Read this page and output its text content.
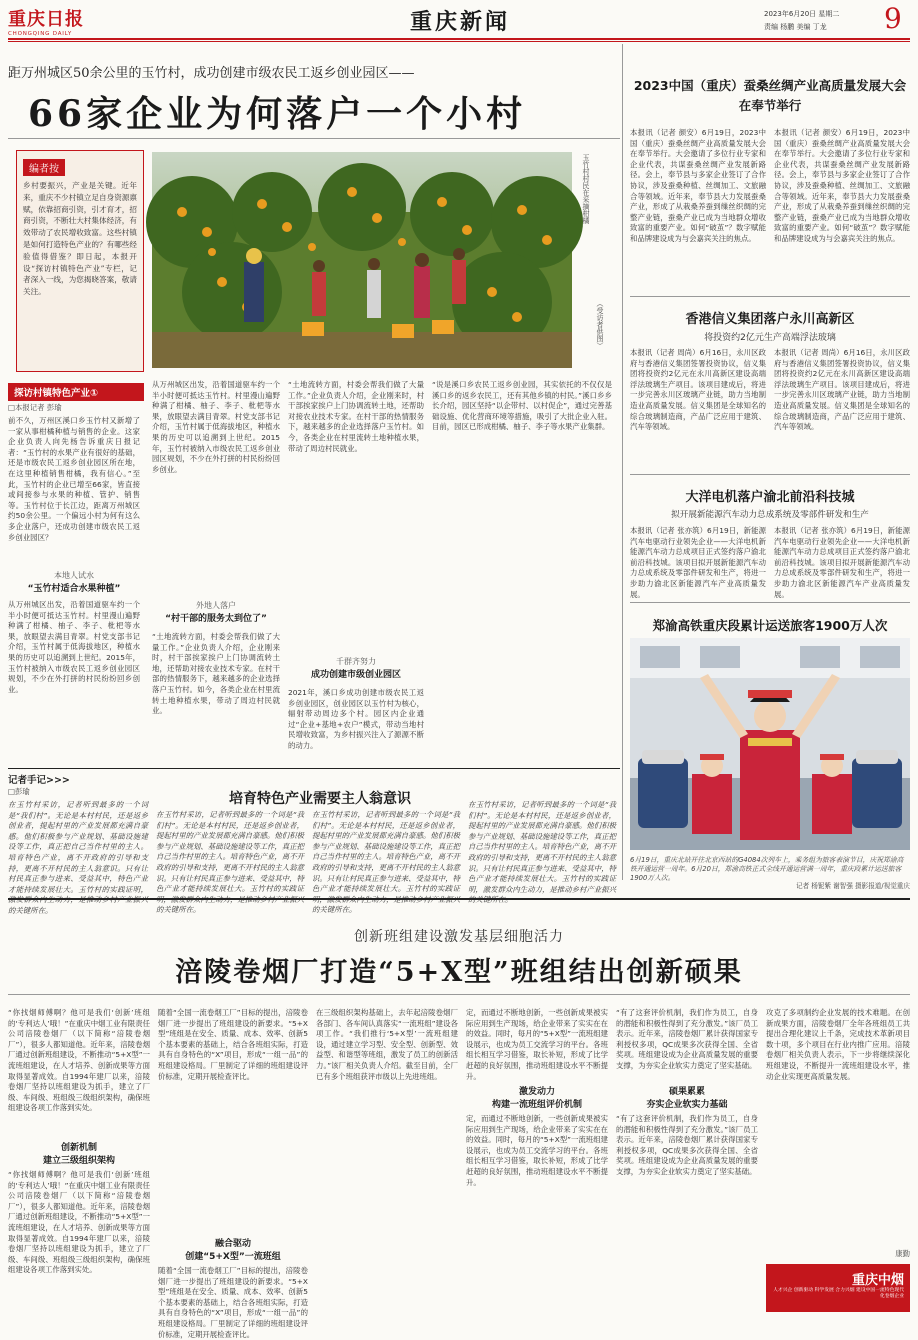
重庆日报
CHONGQING DAILY	重庆新闻	2023年6月20日 星期二
责编 杨鹏 美编 丁龙	9
距万州城区50余公里的玉竹村，成功创建市级农民工返乡创业园区——
66家企业为何落户一个小村
编者按
乡村要振兴，产业是关键。近年来，重庆不少村镇立足自身资源禀赋，依靠招商引资，引才育才，招商引资，不断壮大村集体经济，有效带动了农民增收致富。这些村镇是如何打造特色产业的？有哪些经验值得借鉴？即日起，本报开设“探访村镇特色产业”专栏，记者深入一线，为您揭晓答案，敬请关注。
玉竹村村民在采摘柑橘
（受访者供图）
探访村镇特色产业①
□本报记者 彭瑜
前不久，万州区溪口乡玉竹村又新增了一家从事柑橘种植与销售的企业。这家企业负责人向先杨告诉重庆日报记者：“玉竹村的水果产业有很好的基础，还是市级农民工返乡创业园区所在地，在这里种植销售柑橘，我有信心。”至此，玉竹村的企业已增至66家，皆直接或间接参与水果的种植、管护、销售等。玉竹村位于长江边，距离万州城区约50余公里。一个偏远小村为何有这么多企业落户，还成功创建市级农民工返乡创业园区？
本地人试水
“玉竹村适合水果种植”
从万州城区出发，沿着国道驱车约一个半小时便可抵达玉竹村。村里漫山遍野种满了柑橘、柚子、李子、枇杷等水果，放眼望去满目青翠。村党支部书记介绍，玉竹村属于低海拔地区，种植水果的历史可以追溯到上世纪。2015年，玉竹村被纳入市级农民工返乡创业园区规划，不少在外打拼的村民纷纷回乡创业。
从万州城区出发，沿着国道驱车约一个半小时便可抵达玉竹村。村里漫山遍野种满了柑橘、柚子、李子、枇杷等水果，放眼望去满目青翠。村党支部书记介绍，玉竹村属于低海拔地区，种植水果的历史可以追溯到上世纪。2015年，玉竹村被纳入市级农民工返乡创业园区规划，不少在外打拼的村民纷纷回乡创业。
外地人落户
“村干部的服务太到位了”
“土地流转方面，村委会帮我们做了大量工作。”企业负责人介绍，企业刚来时，村干部挨家挨户上门协调流转土地，还帮助对接农业技术专家。在村干部的热情服务下，越来越多的企业选择落户玉竹村。如今，各类企业在村里流转土地种植水果，带动了周边村民就业。
“土地流转方面，村委会帮我们做了大量工作。”企业负责人介绍，企业刚来时，村干部挨家挨户上门协调流转土地，还帮助对接农业技术专家。在村干部的热情服务下，越来越多的企业选择落户玉竹村。如今，各类企业在村里流转土地种植水果，带动了周边村民就业。
千群齐努力
成功创建市级创业园区
2021年，溪口乡成功创建市级农民工返乡创业园区，创业园区以玉竹村为核心，辐射带动周边多个村。园区内企业通过“企业+基地+农户”模式，带动当地村民增收致富，为乡村振兴注入了源源不断的动力。
“说是溪口乡农民工返乡创业园，其实依托的不仅仅是溪口乡的返乡农民工，还有其他乡镇的村民。”溪口乡乡长介绍，园区坚持“以企带村、以村促企”，通过完善基础设施、优化营商环境等措施，吸引了大批企业入驻。目前，园区已形成柑橘、柚子、李子等水果产业集群。
记者手记>>>
□彭瑜	培育特色产业需要主人翁意识
在玉竹村采访，记者听到最多的一个词是“我们村”。无论是本村村民，还是返乡创业者，提起村里的产业发展都充满自豪感。他们积极参与产业规划、基础设施建设等工作，真正把自己当作村里的主人。培育特色产业，离不开政府的引导和支持，更离不开村民的主人翁意识。只有让村民真正参与进来、受益其中，特色产业才能持续发展壮大。玉竹村的实践证明， 的关键所在。
在玉竹村采访，记者听到最多的一个词是“我们村”。无论是本村村民，还是返乡创业者，提起村里的产业发展都充满自豪感。他们积极参与产业规划、基础设施建设等工作，真正把自己当作村里的主人。培育特色产业，离不开政府的引导和支持，更离不开村民的主人翁意识。只有让村民真正参与进来、受益其中，特色产业才能持续发展壮大。玉竹村的实践证 的关键所在。
在玉竹村采访，记者听到最多的一个词是“我们村”。无论是本村村民，还是返乡创业者，提起村里的产业发展都充满自豪感。他们积极参与产业规划、基础设施建设等工作，真正把自己当作村里的主人。培育特色产业，离不开政府的引导和支持，更离不开村民的主人翁意识。只有让村民真正参与进来、受益其中，特色产业才能持续发展壮大。玉竹村的实践证 的关键所在。
在玉竹村采访，记者听到最多的一个词是“我们村”。无论是本村村民，还是返乡创业者，提起村里的产业发展都充满自豪感。他们积极参与产业规划、基础设施建设等工作，真正把自己当作村里的主人。培育特色产业，离不开政府的引导和支持，更离不开村民的主人翁意识。只有让村民真正参与进来、受益其中，特色产业才能持续发展壮大。玉竹村的实践证明，激发群众内生动力，是推动乡村产业振兴
2023中国（重庆）蚕桑丝绸产业高质量发展大会在奉节举行
本报讯（记者 颜安）6月19日，2023中国（重庆）蚕桑丝绸产业高质量发展大会在奉节举行。大会邀请了多位行业专家和企业代表，共谋蚕桑丝绸产业发展新路径。会上，奉节县与多家企业签订了合作协议，涉及蚕桑种植、丝绸加工、文旅融合等领域。近年来，奉节县大力发展蚕桑产业，形成了从栽桑养蚕到缫丝织绸的完整产业链，蚕桑产业已成为当地群众增收致富的重要产业。如何“破茧”？数字赋能和品牌建设成为与会嘉宾关注的焦点。
本报讯（记者 颜安）6月19日，2023中国（重庆）蚕桑丝绸产业高质量发展大会在奉节举行。大会邀请了多位行业专家和企业代表，共谋蚕桑丝绸产业发展新路径。会上，奉节县与多家企业签订了合作协议，涉及蚕桑种植、丝绸加工、文旅融合等领域。近年来，奉节县大力发展蚕桑产业，形成了从栽桑养蚕到缫丝织绸的完整产业链，蚕桑产业已成为当地群众增收致富的重要产业。如何“破茧”？数字赋能和品牌建设成为与会嘉宾关注的焦点。
香港信义集团落户永川高新区
将投资约2亿元生产高端浮法玻璃
本报讯（记者 周尚）6月16日，永川区政府与香港信义集团签署投资协议，信义集团将投资约2亿元在永川高新区建设高端浮法玻璃生产项目。该项目建成后，将进一步完善永川区玻璃产业链，助力当地制造业高质量发展。信义集团是全球知名的综合玻璃制造商，产品广泛应用于建筑、汽车等领域。
本报讯（记者 周尚）6月16日，永川区政府与香港信义集团签署投资协议，信义集团将投资约2亿元在永川高新区建设高端浮法玻璃生产项目。该项目建成后，将进一步完善永川区玻璃产业链，助力当地制造业高质量发展。信义集团是全球知名的综合玻璃制造商，产品广泛应用于建筑、汽车等领域。
大洋电机落户渝北前沿科技城
拟开展新能源汽车动力总成系统及零部件研发和生产
本报讯（记者 张亦筑）6月19日，新能源汽车电驱动行业领先企业——大洋电机新能源汽车动力总成项目正式签约落户渝北前沿科技城。该项目拟开展新能源汽车动力总成系统及零部件研发和生产，将进一步助力渝北区新能源汽车产业高质量发展。
本报讯（记者 张亦筑）6月19日，新能源汽车电驱动行业领先企业——大洋电机新能源汽车动力总成项目正式签约落户渝北前沿科技城。该项目拟开展新能源汽车动力总成系统及零部件研发和生产，将进一步助力渝北区新能源汽车产业高质量发展。
郑渝高铁重庆段累计运送旅客1900万人次
6月19日，重庆北站开往北京西站的G4084次列车上，乘务组为旅客表演节目，庆祝郑渝高铁开通运营一周年。6月20日，郑渝高铁正式全线开通运营满一周年，重庆段累计运送旅客1900万人次。
记者 杨铌紫 谢智强 摄影报道/视觉重庆
创新班组建设激发基层细胞活力
涪陵卷烟厂打造“5+X型”班组结出创新硕果
“你找烟师傅啊？他可是我们‘创新’班组的‘专利达人’哦！”在重庆中烟工业有限责任公司涪陵卷烟厂（以下简称“涪陵卷烟厂”），很多人都知道他。近年来，涪陵卷烟厂通过创新班组建设，不断推动“5+X型”一流班组建设，在人才培养、创新成果等方面取得显著成效。自1994年建厂以来，涪陵卷烟厂坚持以班组建设为抓手，建立了厂级、车间级、班组级三级组织架构，确保班组建设各项工作落到实处。
创新机制
建立三级组织架构
“你找烟师傅啊？他可是我们‘创新’班组的‘专利达人’哦！”在重庆中烟工业有限责任公司涪陵卷烟厂（以下简称“涪陵卷烟厂”），很多人都知道他。近年来，涪陵卷烟厂通过创新班组建设，不断推动“5+X型”一流班组建设，在人才培养、创新成果等方面取得显著成效。自1994年建厂以来，涪陵卷烟厂坚持以班组建设为抓手，建立了厂级、车间级、班组级三级组织架构，确保班组建设各项工作落到实处。
随着“全国一流卷烟工厂”目标的提出，涪陵卷烟厂进一步提出了班组建设的新要求。“5+X型”班组是在安全、质量、成本、效率、创新5个基本要素的基础上，结合各班组实际，打造具有自身特色的“X”项目，形成“一组一品”的班组建设格局。厂里制定了详细的班组建设评价标准，定期开展检查评比。
融合驱动
创建“5+X型”一流班组
随着“全国一流卷烟工厂”目标的提出，涪陵卷烟厂进一步提出了班组建设的新要求。“5+X型”班组是在安全、质量、成本、效率、创新5个基本要素的基础上，结合各班组实际，打造具有自身特色的“X”项目，形成“一组一品”的班组建设格局。厂里制定了详细的班组建设评价标准，定期开展检查评比。
在三级组织架构基础上，去年起涪陵卷烟厂各部门、各车间认真落实“一流班组”建设各项工作。“我们推行‘5+X型’一流班组建设，通过建立学习型、安全型、创新型、效益型、和谐型等班组，激发了员工的创新活力。”该厂相关负责人介绍。截至目前，全厂已有多个班组获评市级以上先进班组。
定，而通过不断地创新，一些创新成果被实际应用到生产现场，给企业带来了实实在在的效益。同时，每月的“5+X型”一流班组建设展示，也成为员工交流学习的平台。各班组长相互学习借鉴，取长补短，形成了比学赶超的良好氛围，推动班组建设水平不断提升。
激发动力
构建一流班组评价机制
定，而通过不断地创新，一些创新成果被实际应用到生产现场，给企业带来了实实在在的效益。同时，每月的“5+X型”一流班组建设展示，也成为员工交流学习的平台。各班组长相互学习借鉴，取长补短，形成了比学赶超的良好氛围，推动班组建设水平不断提升。
“有了这套评价机制，我们作为员工，自身的潜能和积极性得到了充分激发。”该厂员工表示。近年来，涪陵卷烟厂累计获得国家专利授权多项，QC成果多次获得全国、全省奖项。班组建设成为企业高质量发展的重要支撑，为夯实企业软实力奠定了坚实基础。
硕果累累
夯实企业软实力基础
“有了这套评价机制，我们作为员工，自身的潜能和积极性得到了充分激发。”该厂员工表示。近年来，涪陵卷烟厂累计获得国家专利授权多项，QC成果多次获得全国、全省奖项。班组建设成为企业高质量发展的重要支撑，为夯实企业软实力奠定了坚实基础。
攻克了多项制约企业发展的技术难题。在创新成果方面，涪陵卷烟厂全年各班组员工共提出合理化建议上千条，完成技术革新项目数十项，多个项目在行业内推广应用。涪陵卷烟厂相关负责人表示，下一步将继续深化班组建设，不断提升一流班组建设水平，推动企业实现更高质量发展。
康勤
重庆中烟
人才兴企 创新驱动 科学发展 合力兴烟 建设中国一流特色现代化卷烟企业
